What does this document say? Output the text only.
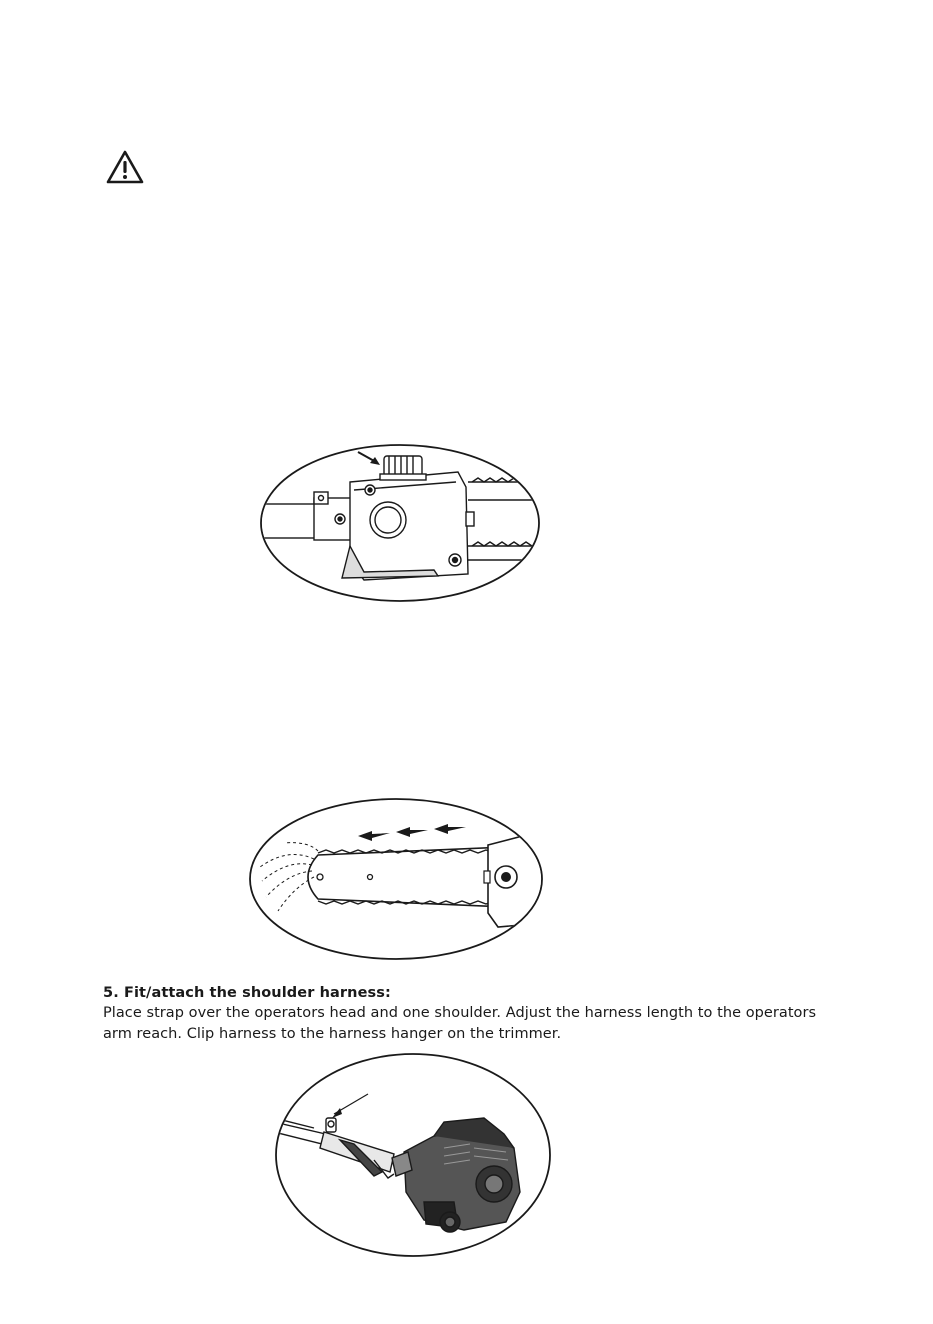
5. Fit/attach the shoulder harness:

Place strap over the operators head and one shoulder. Adjust the harness length to the operators arm reach. Clip harness to the harness hanger on the trimmer.
